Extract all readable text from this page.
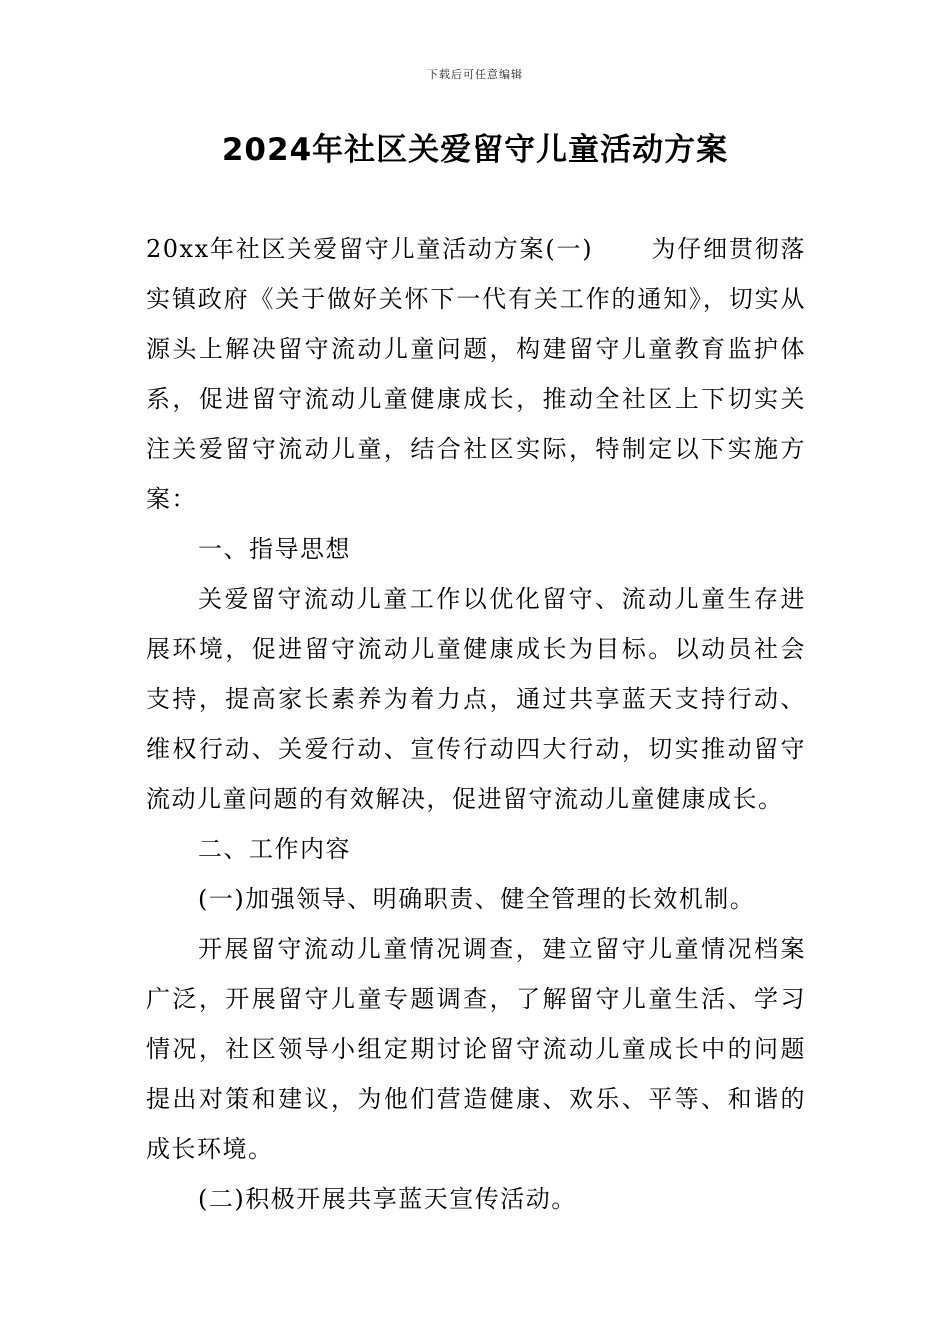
下载后可任意编辑
2024年社区关爱留守儿童活动方案

20xx年社区关爱留守儿童活动方案(一) 为仔细贯彻落实镇政府《关于做好关怀下一代有关工作的通知》，切实从源头上解决留守流动儿童问题，构建留守儿童教育监护体系，促进留守流动儿童健康成长，推动全社区上下切实关注关爱留守流动儿童，结合社区实际，特制定以下实施方案：

一、指导思想

关爱留守流动儿童工作以优化留守、流动儿童生存进展环境，促进留守流动儿童健康成长为目标。以动员社会支持，提高家长素养为着力点，通过共享蓝天支持行动、维权行动、关爱行动、宣传行动四大行动，切实推动留守流动儿童问题的有效解决，促进留守流动儿童健康成长。

二、工作内容

(一)加强领导、明确职责、健全管理的长效机制。

开展留守流动儿童情况调查，建立留守儿童情况档案广泛，开展留守儿童专题调查，了解留守儿童生活、学习情况，社区领导小组定期讨论留守流动儿童成长中的问题提出对策和建议，为他们营造健康、欢乐、平等、和谐的成长环境。

(二)积极开展共享蓝天宣传活动。
